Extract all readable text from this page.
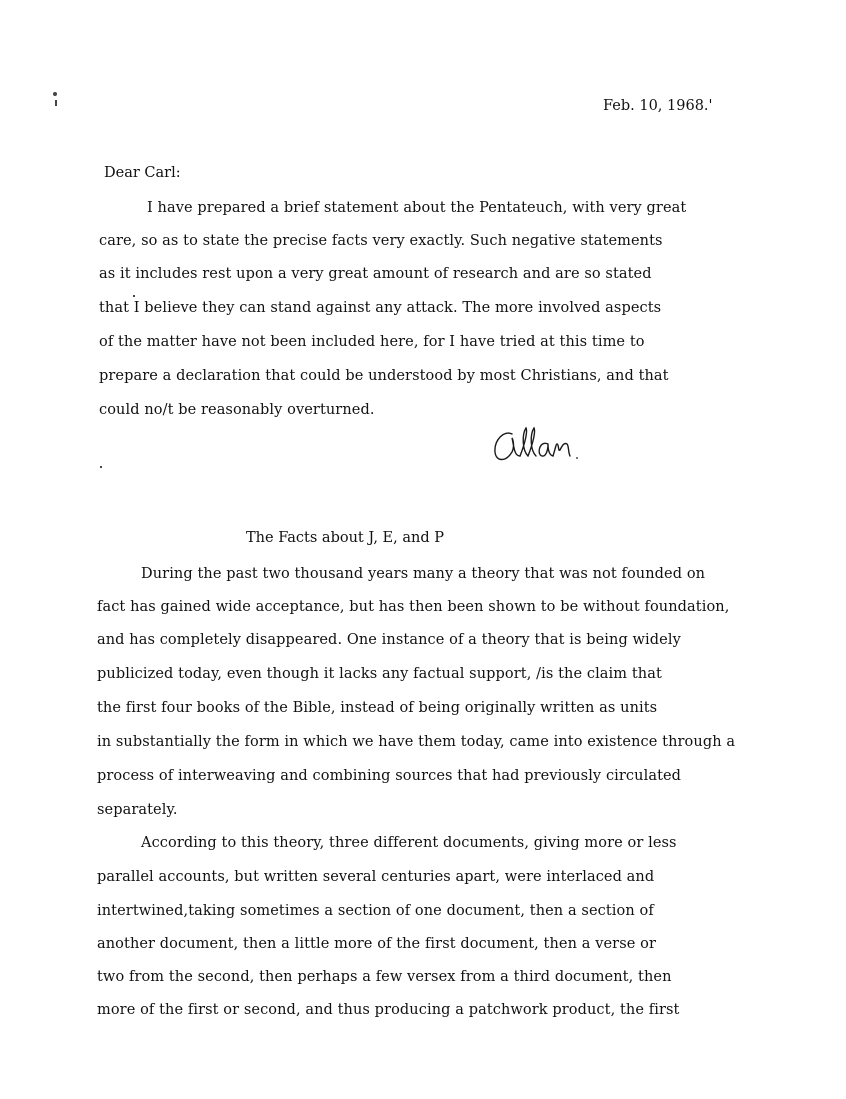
Feb. 10, 1968.'
Dear Carl:
I have prepared a brief statement about the Pentateuch, with very great
care, so as to state the precise facts very exactly. Such negative statements
as it includes rest upon a very great amount of research and are so stated
that I believe they can stand against any attack. The more involved aspects
of the matter have not been included here, for I have tried at this time to
prepare a declaration that could be understood by most Christians, and that
could no/t be reasonably overturned.
The Facts about J, E, and P
During the past two thousand years many a theory that was not founded on
fact has gained wide acceptance, but has then been shown to be without foundation,
and has completely disappeared. One instance of a theory that is being widely
publicized today, even though it lacks any factual support, /is the claim that
the first four books of the Bible, instead of being originally written as units
in substantially the form in which we have them today, came into existence through a
process of interweaving and combining sources that had previously circulated
separately.
According to this theory, three different documents, giving more or less
parallel accounts, but written several centuries apart, were interlaced and
intertwined,taking sometimes a section of one document, then a section of
another document, then a little more of the first document, then a verse or
two from the second, then perhaps a few versex from a third document, then
more of the first or second, and thus producing a patchwork product, the first
